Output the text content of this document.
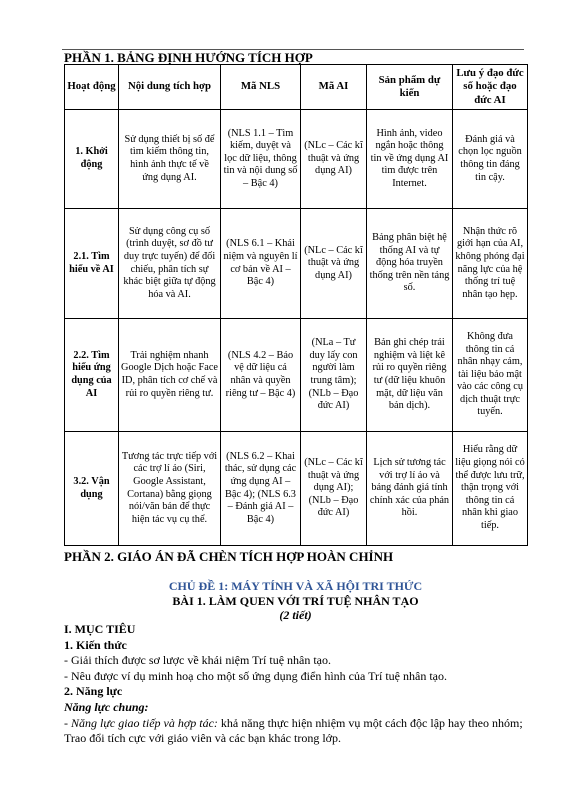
PHẦN 1. BẢNG ĐỊNH HƯỚNG TÍCH HỢP
Hoạt động	Nội dung tích hợp	Mã NLS	Mã AI	Sản phẩm dự kiến	Lưu ý đạo đức số hoặc đạo đức AI
1. Khởi động	Sử dụng thiết bị số để tìm kiếm thông tin, hình ảnh thực tế về ứng dụng AI.	(NLS 1.1 – Tìm kiếm, duyệt và lọc dữ liệu, thông tin và nội dung số – Bậc 4)	(NLc – Các kĩ thuật và ứng dụng AI)	Hình ảnh, video ngắn hoặc thông tin về ứng dụng AI tìm được trên Internet.	Đánh giá và chọn lọc nguồn thông tin đáng tin cậy.
2.1. Tìm hiểu về AI	Sử dụng công cụ số (trình duyệt, sơ đồ tư duy trực tuyến) để đối chiếu, phân tích sự khác biệt giữa tự động hóa và AI.	(NLS 6.1 – Khái niệm và nguyên lí cơ bản về AI – Bậc 4)	(NLc – Các kĩ thuật và ứng dụng AI)	Bảng phân biệt hệ thống AI và tự động hóa truyền thống trên nền tảng số.	Nhận thức rõ giới hạn của AI, không phóng đại năng lực của hệ thống trí tuệ nhân tạo hẹp.
2.2. Tìm hiểu ứng dụng của AI	Trải nghiệm nhanh Google Dịch hoặc Face ID, phân tích cơ chế và rủi ro quyền riêng tư.	(NLS 4.2 – Bảo vệ dữ liệu cá nhân và quyền riêng tư – Bậc 4)	(NLa – Tư duy lấy con người làm trung tâm); (NLb – Đạo đức AI)	Bản ghi chép trải nghiệm và liệt kê rủi ro quyền riêng tư (dữ liệu khuôn mặt, dữ liệu văn bản dịch).	Không đưa thông tin cá nhân nhạy cảm, tài liệu bảo mật vào các công cụ dịch thuật trực tuyến.
3.2. Vận dụng	Tương tác trực tiếp với các trợ lí ảo (Siri, Google Assistant, Cortana) bằng giọng nói/văn bản để thực hiện tác vụ cụ thể.	(NLS 6.2 – Khai thác, sử dụng các ứng dụng AI – Bậc 4); (NLS 6.3 – Đánh giá AI – Bậc 4)	(NLc – Các kĩ thuật và ứng dụng AI); (NLb – Đạo đức AI)	Lịch sử tương tác với trợ lí ảo và bảng đánh giá tính chính xác của phản hồi.	Hiểu rằng dữ liệu giọng nói có thể được lưu trữ, thận trọng với thông tin cá nhân khi giao tiếp.
PHẦN 2. GIÁO ÁN ĐÃ CHÈN TÍCH HỢP HOÀN CHỈNH
CHỦ ĐỀ 1: MÁY TÍNH VÀ XÃ HỘI TRI THỨC
BÀI 1. LÀM QUEN VỚI TRÍ TUỆ NHÂN TẠO
(2 tiết)
I. MỤC TIÊU
1. Kiến thức
- Giải thích được sơ lược về khái niệm Trí tuệ nhân tạo.
- Nêu được ví dụ minh hoạ cho một số ứng dụng điển hình của Trí tuệ nhân tạo.
2. Năng lực
Năng lực chung:
- Năng lực giao tiếp và hợp tác: khả năng thực hiện nhiệm vụ một cách độc lập hay theo nhóm; Trao đổi tích cực với giáo viên và các bạn khác trong lớp.
